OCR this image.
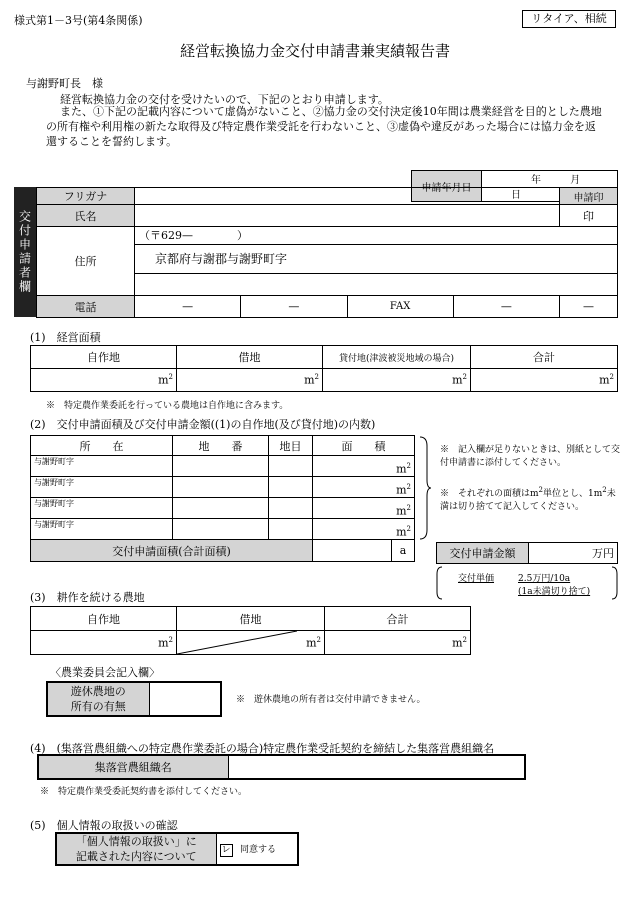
様式第1－3号(第4条関係)	リタイア、相続
経営転換協力金交付申請書兼実績報告書
与謝野町長　様
経営転換協力金の交付を受けたいので、下記のとおり申請します。
また、①下記の記載内容について虚偽がないこと、②協力金の交付決定後10年間は農業経営を目的とした農地の所有権や利用権の新たな取得及び特定農作業受託を行わないこと、③虚偽や違反があった場合には協力金を返還することを誓約します。
申請年月日	年	月 日
交付申請者欄
フリガナ					申請印
氏名					印
住所	（〒629—　　　　）
京都府与謝郡与謝野町字				

電話	—	—	FAX	—	—
(1)　経営面積
自作地	借地	貸付地(津波被災地域の場合)	合計
$m^2$	$m^2$	$m^2$	$m^2$
※　特定農作業委託を行っている農地は自作地に含みます。
(2)　交付申請面積及び交付申請金額((1)の自作地(及び貸付地)の内数)
所　　在	地　　番	地目	面　　積
与謝野町字			$m^2$
与謝野町字			$m^2$
与謝野町字			$m^2$
与謝野町字			$m^2$
交付申請面積(合計面積)			a
※　記入欄が足りないときは、別紙として交付申請書に添付してください。
※　それぞれの面積は$m^2$単位とし、$1m^2$未満は切り捨てて記入してください。
交付申請金額	万円
交付単価	2.5万円/10a
(1a未満切り捨て)
(3)　耕作を続ける農地
自作地	借地	合計
$m^2$	$m^2$	$m^2$
〈農業委員会記入欄〉
遊休農地の
所有の有無
		※　遊休農地の所有者は交付申請できません。
(4)　(集落営農組織への特定農作業委託の場合)特定農作業受託契約を締結した集落営農組織名
集落営農組織名	
※　特定農作業受委託契約書を添付してください。
(5)　個人情報の取扱いの確認
「個人情報の取扱い」に
記載された内容について
	レ 同意する
